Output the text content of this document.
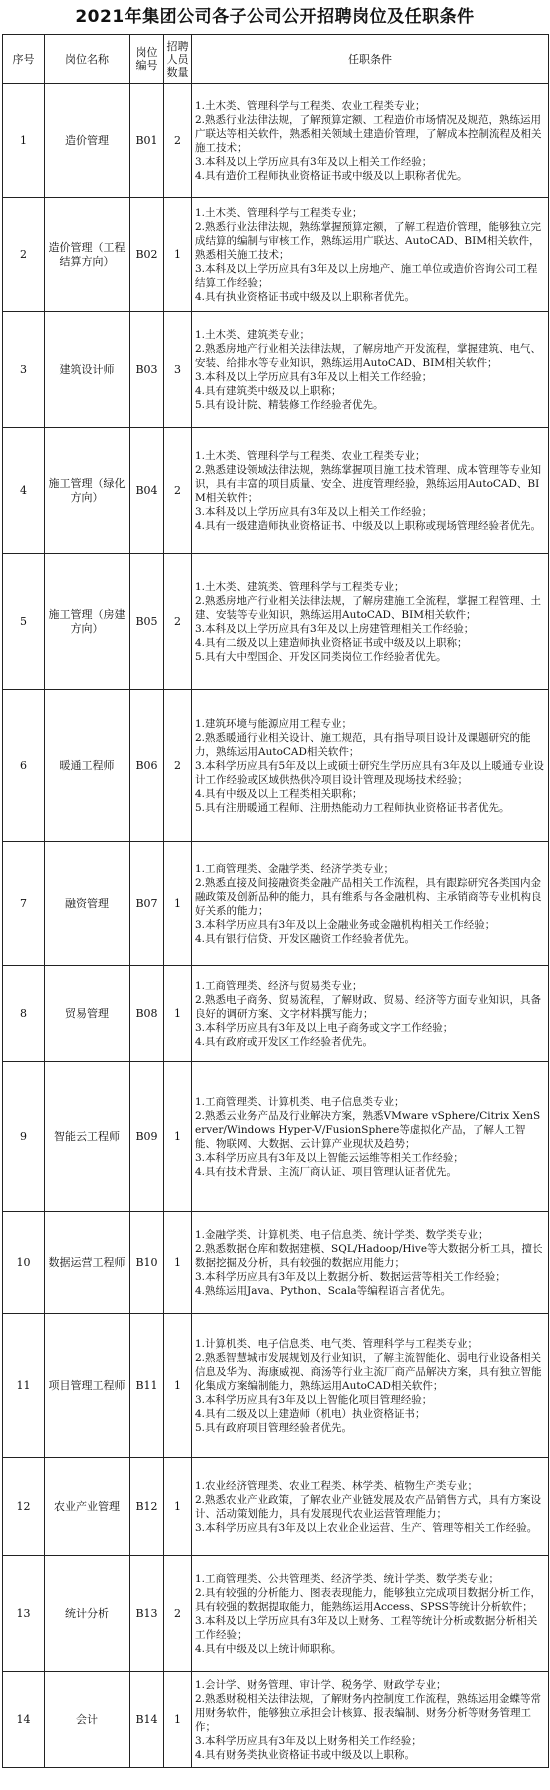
2021年集团公司各子公司公开招聘岗位及任职条件
序号	岗位名称	岗位编号	招聘人员数量	任职条件
1	造价管理	B01	2	1.土木类、管理科学与工程类、农业工程类专业；
2.熟悉行业法律法规，了解预算定额、工程造价市场情况及规范，熟练运用广联达等相关软件，熟悉相关领域土建造价管理，了解成本控制流程及相关施工技术；
3.本科及以上学历应具有3年及以上相关工作经验；
4.具有造价工程师执业资格证书或中级及以上职称者优先。

2	造价管理（工程结算方向）	B02	1	1.土木类、管理科学与工程类专业；
2.熟悉行业法律法规，熟练掌握预算定额，了解工程造价管理，能够独立完成结算的编制与审核工作，熟练运用广联达、AutoCAD、BIM相关软件，熟悉相关施工技术；
3.本科及以上学历应具有3年及以上房地产、施工单位或造价咨询公司工程结算工作经验；
4.具有执业资格证书或中级及以上职称者优先。

3	建筑设计师	B03	3	1.土木类、建筑类专业；
2.熟悉房地产行业相关法律法规，了解房地产开发流程，掌握建筑、电气、安装、给排水等专业知识，熟练运用AutoCAD、BIM相关软件；
3.本科及以上学历应具有3年及以上相关工作经验；
4.具有建筑类中级及以上职称；
5.具有设计院、精装修工作经验者优先。

4	施工管理（绿化方向）	B04	2	1.土木类、管理科学与工程类、农业工程类专业；
2.熟悉建设领域法律法规，熟练掌握项目施工技术管理、成本管理等专业知识，具有丰富的项目质量、安全、进度管理经验，熟练运用AutoCAD、BIM相关软件；
3.本科及以上学历应具有3年及以上相关工作经验；
4.具有一级建造师执业资格证书、中级及以上职称或现场管理经验者优先。

5	施工管理（房建方向）	B05	2	1.土木类、建筑类、管理科学与工程类专业；
2.熟悉房地产行业相关法律法规，了解房建施工全流程，掌握工程管理、土建、安装等专业知识，熟练运用AutoCAD、BIM相关软件；
3.本科及以上学历应具有3年及以上房建管理相关工作经验；
4.具有二级及以上建造师执业资格证书或中级及以上职称；
5.具有大中型国企、开发区同类岗位工作经验者优先。

6	暖通工程师	B06	2	1.建筑环境与能源应用工程专业；
2.熟悉暖通行业相关设计、施工规范，具有指导项目设计及课题研究的能力，熟练运用AutoCAD相关软件；
3.本科学历应具有5年及以上或硕士研究生学历应具有3年及以上暖通专业设计工作经验或区域供热供冷项目设计管理及现场技术经验；
4.具有中级及以上工程类相关职称；
5.具有注册暖通工程师、注册热能动力工程师执业资格证书者优先。

7	融资管理	B07	1	1.工商管理类、金融学类、经济学类专业；
2.熟悉直接及间接融资类金融产品相关工作流程，具有跟踪研究各类国内金融政策及创新品种的能力，具有维系与各金融机构、主承销商等专业机构良好关系的能力；
3.本科学历应具有3年及以上金融业务或金融机构相关工作经验；
4.具有银行信贷、开发区融资工作经验者优先。

8	贸易管理	B08	1	1.工商管理类、经济与贸易类专业；
2.熟悉电子商务、贸易流程，了解财政、贸易、经济等方面专业知识，具备良好的调研方案、文字材料撰写能力；
3.本科学历应具有3年及以上电子商务或文字工作经验；
4.具有政府或开发区工作经验者优先。

9	智能云工程师	B09	1	1.工商管理类、计算机类、电子信息类专业；
2.熟悉云业务产品及行业解决方案，熟悉VMware vSphere/Citrix XenServer/Windows Hyper-V/FusionSphere等虚拟化产品，了解人工智能、物联网、大数据、云计算产业现状及趋势；
3.本科学历应具有3年及以上智能云运维等相关工作经验；
4.具有技术背景、主流厂商认证、项目管理认证者优先。

10	数据运营工程师	B10	1	1.金融学类、计算机类、电子信息类、统计学类、数学类专业；
2.熟悉数据仓库和数据建模、SQL/Hadoop/Hive等大数据分析工具，擅长数据挖掘及分析，具有较强的数据应用能力；
3.本科学历应具有3年及以上数据分析、数据运营等相关工作经验；
4.熟练运用Java、Python、Scala等编程语言者优先。

11	项目管理工程师	B11	1	1.计算机类、电子信息类、电气类、管理科学与工程类专业；
2.熟悉智慧城市发展规划及行业知识，了解主流智能化、弱电行业设备相关信息及华为、海康威视、商汤等行业主流厂商产品解决方案，具有独立智能化集成方案编制能力，熟练运用AutoCAD相关软件；
3.本科学历应具有3年及以上智能化项目管理经验；
4.具有二级及以上建造师（机电）执业资格证书；
5.具有政府项目管理经验者优先。

12	农业产业管理	B12	1	1.农业经济管理类、农业工程类、林学类、植物生产类专业；
2.熟悉农业产业政策，了解农业产业链发展及农产品销售方式，具有方案设计、活动策划能力，具有发展现代农业运营管理能力；
3.本科学历应具有3年及以上农业企业运营、生产、管理等相关工作经验。

13	统计分析	B13	2	1.工商管理类、公共管理类、经济学类、统计学类、数学类专业；
2.具有较强的分析能力、图表表现能力，能够独立完成项目数据分析工作，具有较强的数据提取能力，能熟练运用Access、SPSS等统计分析软件；
3.本科及以上学历应具有3年及以上财务、工程等统计分析或数据分析相关工作经验；
4.具有中级及以上统计师职称。

14	会计	B14	1	1.会计学、财务管理、审计学、税务学、财政学专业；
2.熟悉财税相关法律法规，了解财务内控制度工作流程，熟练运用金蝶等常用财务软件，能够独立承担会计核算、报表编制、财务分析等财务管理工作；
3.本科学历应具有3年及以上财务相关工作经验；
4.具有财务类执业资格证书或中级及以上职称。
